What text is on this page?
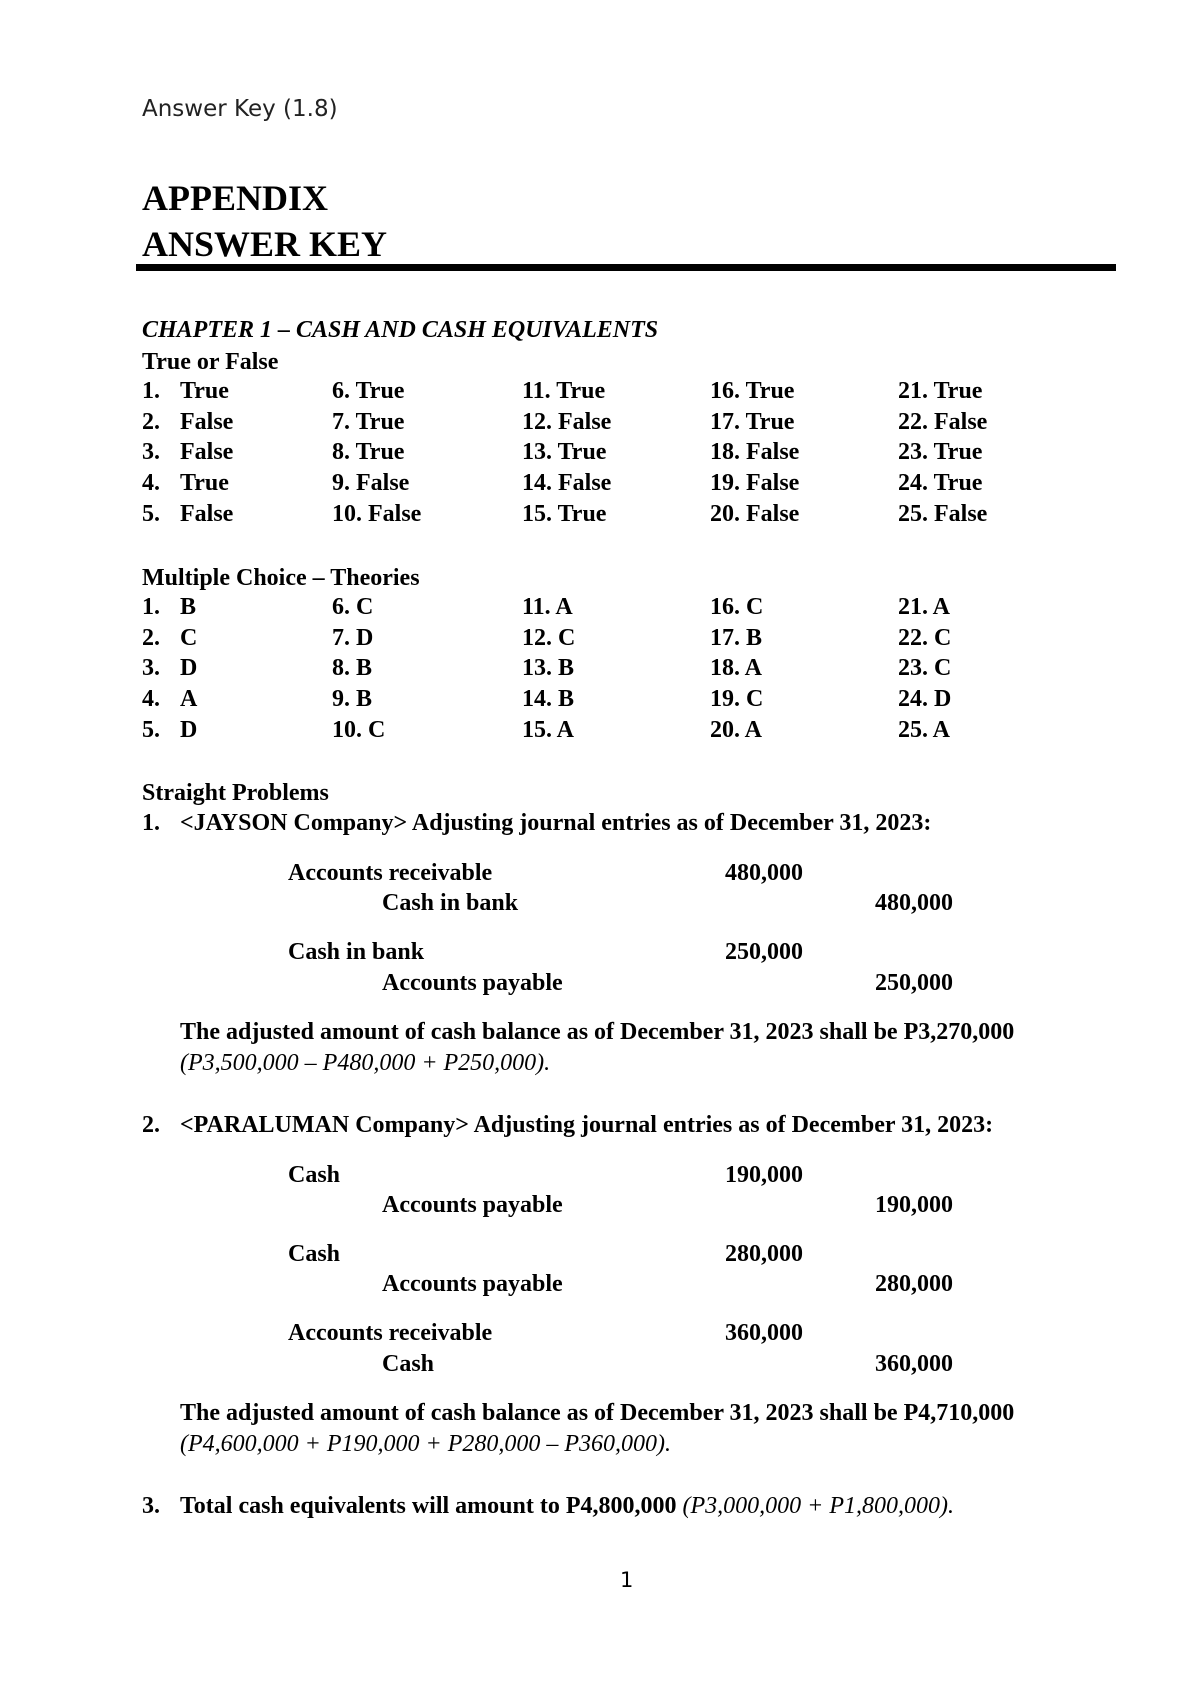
Answer Key (1.8)
APPENDIX
ANSWER KEY
CHAPTER 1 – CASH AND CASH EQUIVALENTS
True or False
1. True	6. True	11. True	16. True	21. True
2. False	7. True	12. False	17. True	22. False
3. False	8. True	13. True	18. False	23. True
4. True	9. False	14. False	19. False	24. True
5. False	10. False	15. True	20. False	25. False
Multiple Choice – Theories
1. B	6. C	11. A	16. C	21. A
2. C	7. D	12. C	17. B	22. C
3. D	8. B	13. B	18. A	23. C
4. A	9. B	14. B	19. C	24. D
5. D	10. C	15. A	20. A	25. A
Straight Problems
1. <JAYSON Company> Adjusting journal entries as of December 31, 2023:
Accounts receivable	480,000
Cash in bank	480,000
Cash in bank	250,000
Accounts payable	250,000
The adjusted amount of cash balance as of December 31, 2023 shall be P3,270,000
(P3,500,000 – P480,000 + P250,000).
2. <PARALUMAN Company> Adjusting journal entries as of December 31, 2023:
Cash	190,000
Accounts payable	190,000
Cash	280,000
Accounts payable	280,000
Accounts receivable	360,000
Cash	360,000
The adjusted amount of cash balance as of December 31, 2023 shall be P4,710,000
(P4,600,000 + P190,000 + P280,000 – P360,000).
3. Total cash equivalents will amount to P4,800,000 (P3,000,000 + P1,800,000).
1
